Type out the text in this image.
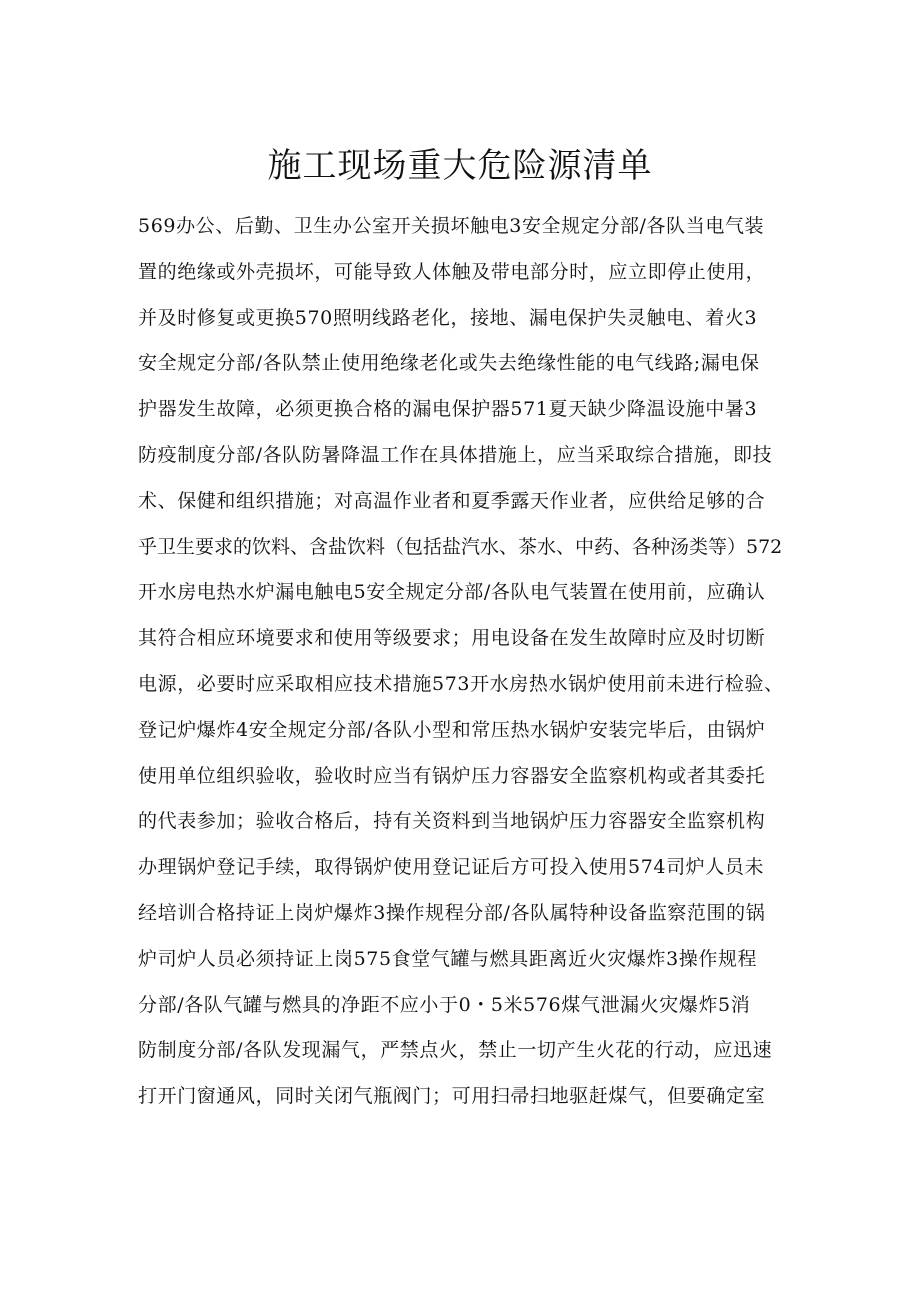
施工现场重大危险源清单
569办公、后勤、卫生办公室开关损坏触电3安全规定分部/各队当电气装
置的绝缘或外壳损坏，可能导致人体触及带电部分时，应立即停止使用，
并及时修复或更换570照明线路老化，接地、漏电保护失灵触电、着火3
安全规定分部/各队禁止使用绝缘老化或失去绝缘性能的电气线路;漏电保
护器发生故障，必须更换合格的漏电保护器571夏天缺少降温设施中暑3
防疫制度分部/各队防暑降温工作在具体措施上，应当采取综合措施，即技
术、保健和组织措施；对高温作业者和夏季露天作业者，应供给足够的合
乎卫生要求的饮料、含盐饮料（包括盐汽水、茶水、中药、各种汤类等）572
开水房电热水炉漏电触电5安全规定分部/各队电气装置在使用前，应确认
其符合相应环境要求和使用等级要求；用电设备在发生故障时应及时切断
电源，必要时应采取相应技术措施573开水房热水锅炉使用前未进行检验、
登记炉爆炸4安全规定分部/各队小型和常压热水锅炉安装完毕后，由锅炉
使用单位组织验收，验收时应当有锅炉压力容器安全监察机构或者其委托
的代表参加；验收合格后，持有关资料到当地锅炉压力容器安全监察机构
办理锅炉登记手续，取得锅炉使用登记证后方可投入使用574司炉人员未
经培训合格持证上岗炉爆炸3操作规程分部/各队属特种设备监察范围的锅
炉司炉人员必须持证上岗575食堂气罐与燃具距离近火灾爆炸3操作规程
分部/各队气罐与燃具的净距不应小于0・5米576煤气泄漏火灾爆炸5消
防制度分部/各队发现漏气，严禁点火，禁止一切产生火花的行动，应迅速
打开门窗通风，同时关闭气瓶阀门；可用扫帚扫地驱赶煤气，但要确定室
